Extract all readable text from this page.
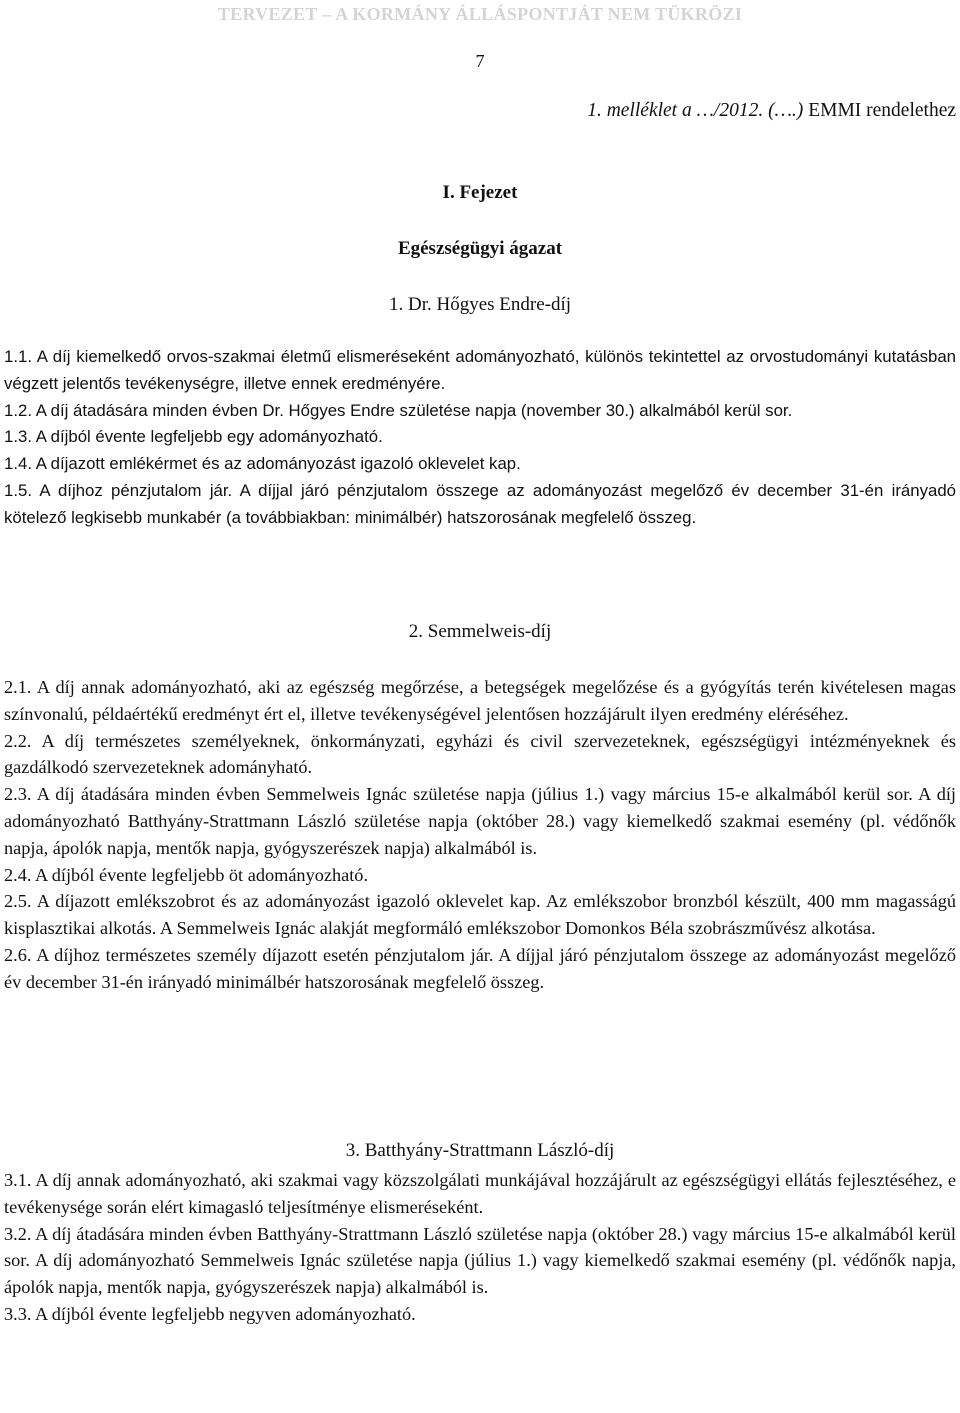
TERVEZET – A KORMÁNY ÁLLÁSPONTJÁT NEM TÜKRÖZI
7
1. melléklet a …/2012. (….) EMMI rendelethez
I. Fejezet
Egészségügyi ágazat
1. Dr. Hőgyes Endre-díj

1.1. A díj kiemelkedő orvos-szakmai életmű elismeréseként adományozható, különös tekintettel az orvostudományi kutatásban végzett jelentős tevékenységre, illetve ennek eredményére.

1.2. A díj átadására minden évben Dr. Hőgyes Endre születése napja (november 30.) alkalmából kerül sor.

1.3. A díjból évente legfeljebb egy adományozható.

1.4. A díjazott emlékérmet és az adományozást igazoló oklevelet kap.

1.5. A díjhoz pénzjutalom jár. A díjjal járó pénzjutalom összege az adományozást megelőző év december 31-én irányadó kötelező legkisebb munkabér (a továbbiakban: minimálbér) hatszorosának megfelelő összeg.

2. Semmelweis-díj

2.1. A díj annak adományozható, aki az egészség megőrzése, a betegségek megelőzése és a gyógyítás terén kivételesen magas színvonalú, példaértékű eredményt ért el, illetve tevékenységével jelentősen hozzájárult ilyen eredmény eléréséhez.

2.2. A díj természetes személyeknek, önkormányzati, egyházi és civil szervezeteknek, egészségügyi intézményeknek és gazdálkodó szervezeteknek adományható.

2.3. A díj átadására minden évben Semmelweis Ignác születése napja (július 1.) vagy március 15-e alkalmából kerül sor. A díj adományozható Batthyány-Strattmann László születése napja (október 28.) vagy kiemelkedő szakmai esemény (pl. védőnők napja, ápolók napja, mentők napja, gyógyszerészek napja) alkalmából is.

2.4. A díjból évente legfeljebb öt adományozható.

2.5. A díjazott emlékszobrot és az adományozást igazoló oklevelet kap. Az emlékszobor bronzból készült, 400 mm magasságú kisplasztikai alkotás. A Semmelweis Ignác alakját megformáló emlékszobor Domonkos Béla szobrászművész alkotása.

2.6. A díjhoz természetes személy díjazott esetén pénzjutalom jár. A díjjal járó pénzjutalom összege az adományozást megelőző év december 31-én irányadó minimálbér hatszorosának megfelelő összeg.

3. Batthyány-Strattmann László-díj

3.1. A díj annak adományozható, aki szakmai vagy közszolgálati munkájával hozzájárult az egészségügyi ellátás fejlesztéséhez, e tevékenysége során elért kimagasló teljesítménye elismeréseként.

3.2. A díj átadására minden évben Batthyány-Strattmann László születése napja (október 28.) vagy március 15-e alkalmából kerül sor. A díj adományozható Semmelweis Ignác születése napja (július 1.) vagy kiemelkedő szakmai esemény (pl. védőnők napja, ápolók napja, mentők napja, gyógyszerészek napja) alkalmából is.

3.3. A díjból évente legfeljebb negyven adományozható.
